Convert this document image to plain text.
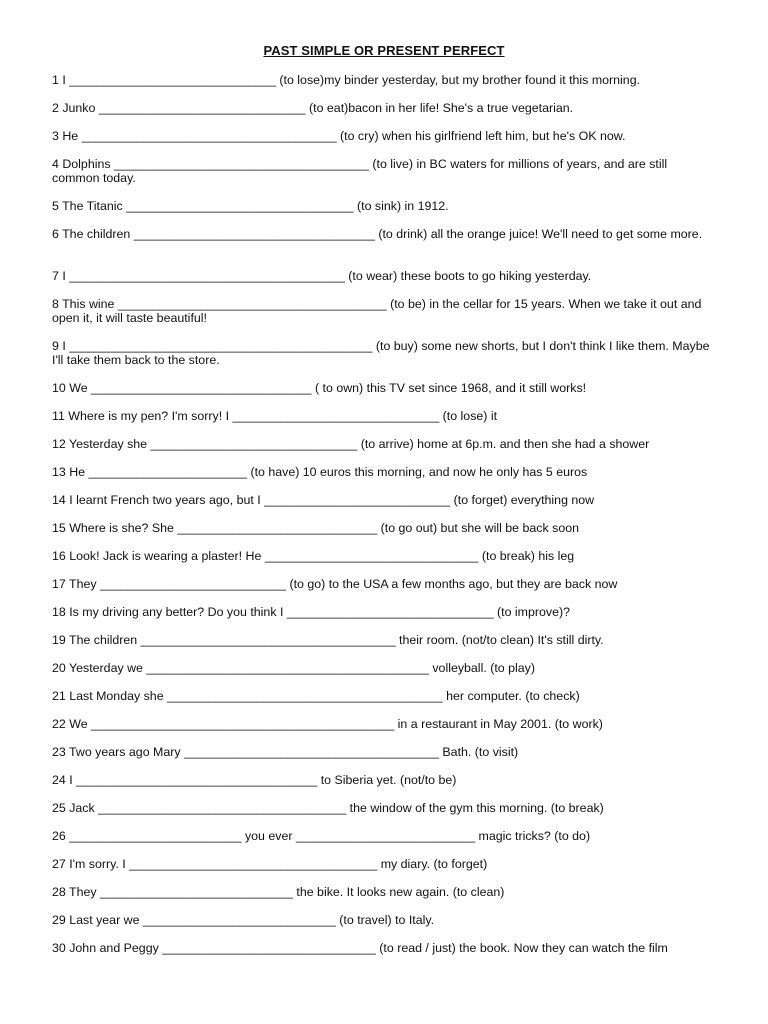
PAST SIMPLE OR PRESENT PERFECT

1 I ______________________________ (to lose)my binder yesterday, but my brother found it this morning.

2 Junko ______________________________ (to eat)bacon in her life! She's a true vegetarian.

3 He _____________________________________ (to cry) when his girlfriend left him, but he's OK now.

4 Dolphins _____________________________________ (to live) in BC waters for millions of years, and are still common today.

5 The Titanic _________________________________ (to sink) in 1912.

6 The children ___________________________________ (to drink) all the orange juice! We'll need to get some more.

7 I ________________________________________ (to wear) these boots to go hiking yesterday.

8 This wine _______________________________________ (to be) in the cellar for 15 years. When we take it out and open it, it will taste beautiful!

9 I ____________________________________________ (to buy) some new shorts, but I don't think I like them. Maybe I'll take them back to the store.

10 We ________________________________ ( to own) this TV set since 1968, and it still works!

11 Where is my pen? I'm sorry! I ______________________________ (to lose) it

12 Yesterday she ______________________________ (to arrive) home at 6p.m. and then she had a shower

13 He _______________________ (to have) 10 euros this morning, and now he only has 5 euros

14 I learnt French two years ago, but I ___________________________ (to forget) everything now

15 Where is she? She _____________________________ (to go out) but she will be back soon

16 Look! Jack is wearing a plaster! He _______________________________ (to break) his leg

17 They ___________________________ (to go) to the USA a few months ago, but they are back now

18 Is my driving any better? Do you think I ______________________________ (to improve)?

19 The children _____________________________________ their room. (not/to clean) It's still dirty.

20 Yesterday we _________________________________________ volleyball. (to play)

21 Last Monday she ________________________________________ her computer. (to check)

22 We ____________________________________________ in a restaurant in May 2001. (to work)

23 Two years ago Mary _____________________________________ Bath. (to visit)

24 I ___________________________________ to Siberia yet. (not/to be)

25 Jack ____________________________________ the window of the gym this morning. (to break)

26 _________________________ you ever __________________________ magic tricks? (to do)

27 I'm sorry. I ____________________________________ my diary. (to forget)

28 They ____________________________ the bike. It looks new again. (to clean)

29 Last year we ____________________________ (to travel) to Italy.

30 John and Peggy _______________________________ (to read / just) the book. Now they can watch the film
